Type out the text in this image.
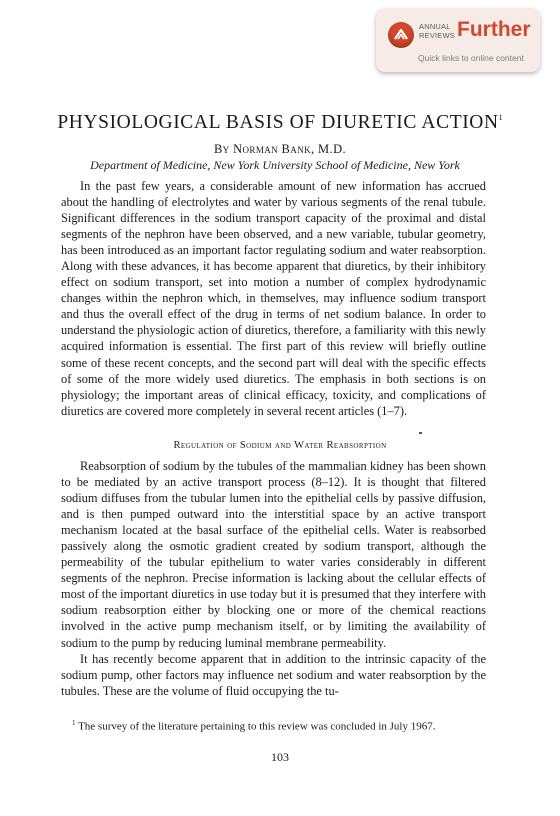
ANNUAL REVIEWS Further
Quick links to online content
PHYSIOLOGICAL BASIS OF DIURETIC ACTION$^1$
By Norman Bank, M.D.
Department of Medicine, New York University School of Medicine, New York

In the past few years, a considerable amount of new information has accrued about the handling of electrolytes and water by various segments of the renal tubule. Significant differences in the sodium transport capacity of the proximal and distal segments of the nephron have been observed, and a new variable, tubular geometry, has been introduced as an important factor regulating sodium and water reabsorption. Along with these advances, it has become apparent that diuretics, by their inhibitory effect on sodium transport, set into motion a number of complex hydrodynamic changes within the nephron which, in themselves, may influence sodium transport and thus the overall effect of the drug in terms of net sodium balance. In order to understand the physiologic action of diuretics, therefore, a familiarity with this newly acquired information is essential. The first part of this review will briefly outline some of these recent concepts, and the second part will deal with the specific effects of some of the more widely used diuretics. The emphasis in both sections is on physiology; the important areas of clinical efficacy, toxicity, and complications of diuretics are covered more completely in several recent articles (1–7).

Regulation of Sodium and Water Reabsorption

Reabsorption of sodium by the tubules of the mammalian kidney has been shown to be mediated by an active transport process (8–12). It is thought that filtered sodium diffuses from the tubular lumen into the epithelial cells by passive diffusion, and is then pumped outward into the interstitial space by an active transport mechanism located at the basal surface of the epithelial cells. Water is reabsorbed passively along the osmotic gradient created by sodium transport, although the permeability of the tubular epithelium to water varies considerably in different segments of the nephron. Precise information is lacking about the cellular effects of most of the important diuretics in use today but it is presumed that they interfere with sodium reabsorption either by blocking one or more of the chemical reactions involved in the active pump mechanism itself, or by limiting the availability of sodium to the pump by reducing luminal membrane permeability.

It has recently become apparent that in addition to the intrinsic capacity of the sodium pump, other factors may influence net sodium and water reabsorption by the tubules. These are the volume of fluid occupying the tu-

$^1$ The survey of the literature pertaining to this review was concluded in July 1967.

103
